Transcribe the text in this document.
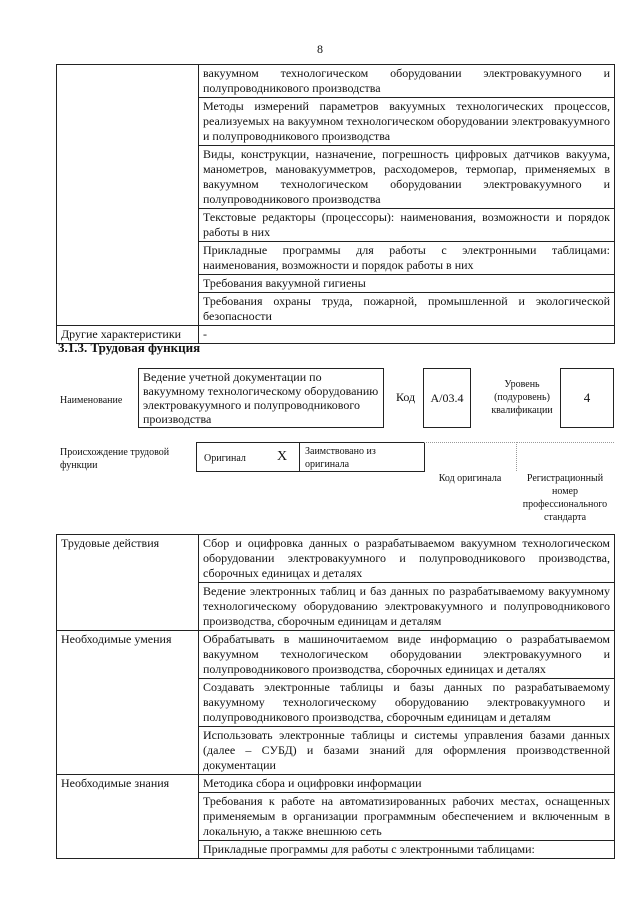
8
	вакуумном технологическом оборудовании электровакуумного и полупроводникового производства
	Методы измерений параметров вакуумных технологических процессов, реализуемых на вакуумном технологическом оборудовании электровакуумного и полупроводникового производства
	Виды, конструкции, назначение, погрешность цифровых датчиков вакуума, манометров, мановакуумметров, расходомеров, термопар, применяемых в вакуумном технологическом оборудовании электровакуумного и полупроводникового производства
	Текстовые редакторы (процессоры): наименования, возможности и порядок работы в них
	Прикладные программы для работы с электронными таблицами: наименования, возможности и порядок работы в них
	Требования вакуумной гигиены
	Требования охраны труда, пожарной, промышленной и экологической безопасности
Другие характеристики	-
3.1.3. Трудовая функция
Наименование
Ведение учетной документации по вакуумному технологическому оборудованию электровакуумного и полупроводникового производства
Код	А/03.4
Уровень (подуровень) квалификации
4
Происхождение трудовой функции
Оригинал X Заимствовано из оригинала
Код оригинала	Регистрационный номер профессионального стандарта
Трудовые действия	Сбор и оцифровка данных о разрабатываемом вакуумном технологическом оборудовании электровакуумного и полупроводникового производства, сборочных единицах и деталях
	Ведение электронных таблиц и баз данных по разрабатываемому вакуумному технологическому оборудованию электровакуумного и полупроводникового производства, сборочным единицам и деталям
Необходимые умения	Обрабатывать в машиночитаемом виде информацию о разрабатываемом вакуумном технологическом оборудовании электровакуумного и полупроводникового производства, сборочных единицах и деталях
	Создавать электронные таблицы и базы данных по разрабатываемому вакуумному технологическому оборудованию электровакуумного и полупроводникового производства, сборочным единицам и деталям
	Использовать электронные таблицы и системы управления базами данных (далее – СУБД) и базами знаний для оформления производственной документации
Необходимые знания	Методика сбора и оцифровки информации
	Требования к работе на автоматизированных рабочих местах, оснащенных применяемым в организации программным обеспечением и включенным в локальную, а также внешнюю сеть
	Прикладные программы для работы с электронными таблицами:
